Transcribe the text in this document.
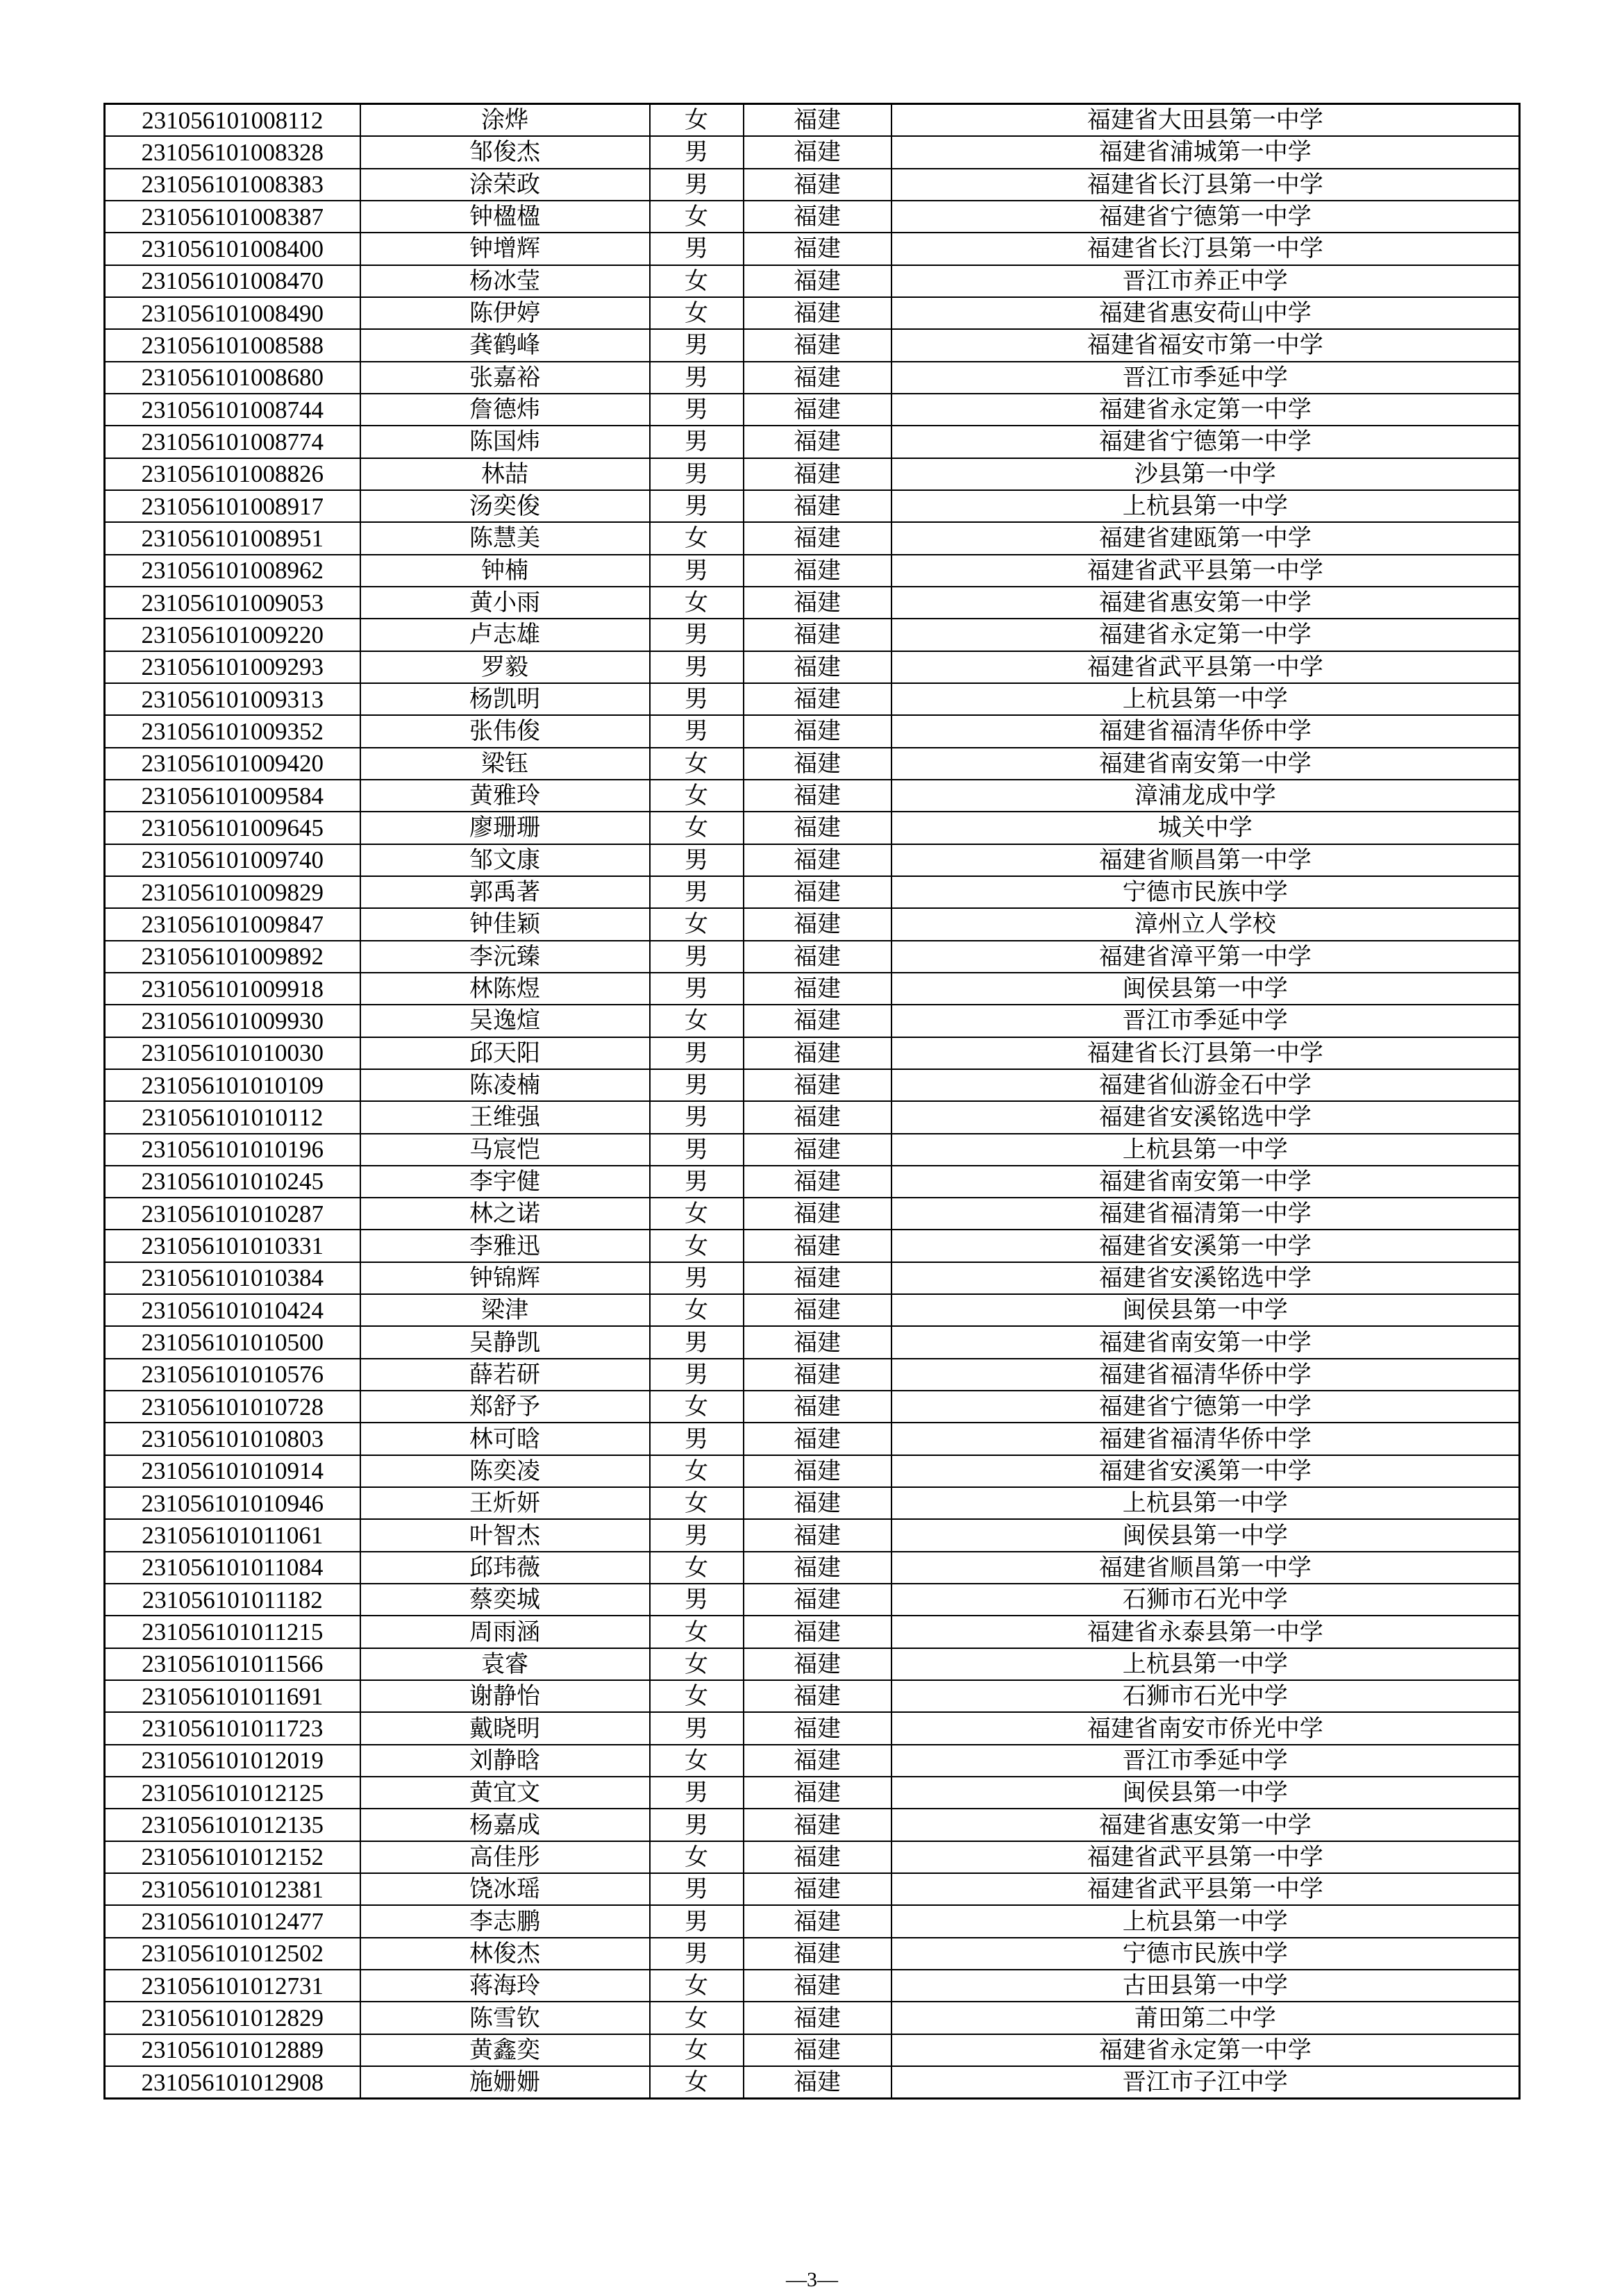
231056101008112	涂烨	女	福建	福建省大田县第一中学
231056101008328	邹俊杰	男	福建	福建省浦城第一中学
231056101008383	涂荣政	男	福建	福建省长汀县第一中学
231056101008387	钟楹楹	女	福建	福建省宁德第一中学
231056101008400	钟增辉	男	福建	福建省长汀县第一中学
231056101008470	杨冰莹	女	福建	晋江市养正中学
231056101008490	陈伊婷	女	福建	福建省惠安荷山中学
231056101008588	龚鹤峰	男	福建	福建省福安市第一中学
231056101008680	张嘉裕	男	福建	晋江市季延中学
231056101008744	詹德炜	男	福建	福建省永定第一中学
231056101008774	陈国炜	男	福建	福建省宁德第一中学
231056101008826	林喆	男	福建	沙县第一中学
231056101008917	汤奕俊	男	福建	上杭县第一中学
231056101008951	陈慧美	女	福建	福建省建瓯第一中学
231056101008962	钟楠	男	福建	福建省武平县第一中学
231056101009053	黄小雨	女	福建	福建省惠安第一中学
231056101009220	卢志雄	男	福建	福建省永定第一中学
231056101009293	罗毅	男	福建	福建省武平县第一中学
231056101009313	杨凯明	男	福建	上杭县第一中学
231056101009352	张伟俊	男	福建	福建省福清华侨中学
231056101009420	梁钰	女	福建	福建省南安第一中学
231056101009584	黄雅玲	女	福建	漳浦龙成中学
231056101009645	廖珊珊	女	福建	城关中学
231056101009740	邹文康	男	福建	福建省顺昌第一中学
231056101009829	郭禹著	男	福建	宁德市民族中学
231056101009847	钟佳颖	女	福建	漳州立人学校
231056101009892	李沅臻	男	福建	福建省漳平第一中学
231056101009918	林陈煜	男	福建	闽侯县第一中学
231056101009930	吴逸煊	女	福建	晋江市季延中学
231056101010030	邱天阳	男	福建	福建省长汀县第一中学
231056101010109	陈凌楠	男	福建	福建省仙游金石中学
231056101010112	王维强	男	福建	福建省安溪铭选中学
231056101010196	马宸恺	男	福建	上杭县第一中学
231056101010245	李宇健	男	福建	福建省南安第一中学
231056101010287	林之诺	女	福建	福建省福清第一中学
231056101010331	李雅迅	女	福建	福建省安溪第一中学
231056101010384	钟锦辉	男	福建	福建省安溪铭选中学
231056101010424	梁津	女	福建	闽侯县第一中学
231056101010500	吴静凯	男	福建	福建省南安第一中学
231056101010576	薛若研	男	福建	福建省福清华侨中学
231056101010728	郑舒予	女	福建	福建省宁德第一中学
231056101010803	林可晗	男	福建	福建省福清华侨中学
231056101010914	陈奕凌	女	福建	福建省安溪第一中学
231056101010946	王炘妍	女	福建	上杭县第一中学
231056101011061	叶智杰	男	福建	闽侯县第一中学
231056101011084	邱玮薇	女	福建	福建省顺昌第一中学
231056101011182	蔡奕城	男	福建	石狮市石光中学
231056101011215	周雨涵	女	福建	福建省永泰县第一中学
231056101011566	袁睿	女	福建	上杭县第一中学
231056101011691	谢静怡	女	福建	石狮市石光中学
231056101011723	戴晓明	男	福建	福建省南安市侨光中学
231056101012019	刘静晗	女	福建	晋江市季延中学
231056101012125	黄宜文	男	福建	闽侯县第一中学
231056101012135	杨嘉成	男	福建	福建省惠安第一中学
231056101012152	高佳彤	女	福建	福建省武平县第一中学
231056101012381	饶冰瑶	男	福建	福建省武平县第一中学
231056101012477	李志鹏	男	福建	上杭县第一中学
231056101012502	林俊杰	男	福建	宁德市民族中学
231056101012731	蒋海玲	女	福建	古田县第一中学
231056101012829	陈雪钦	女	福建	莆田第二中学
231056101012889	黄鑫奕	女	福建	福建省永定第一中学
231056101012908	施姗姗	女	福建	晋江市子江中学
—3—
